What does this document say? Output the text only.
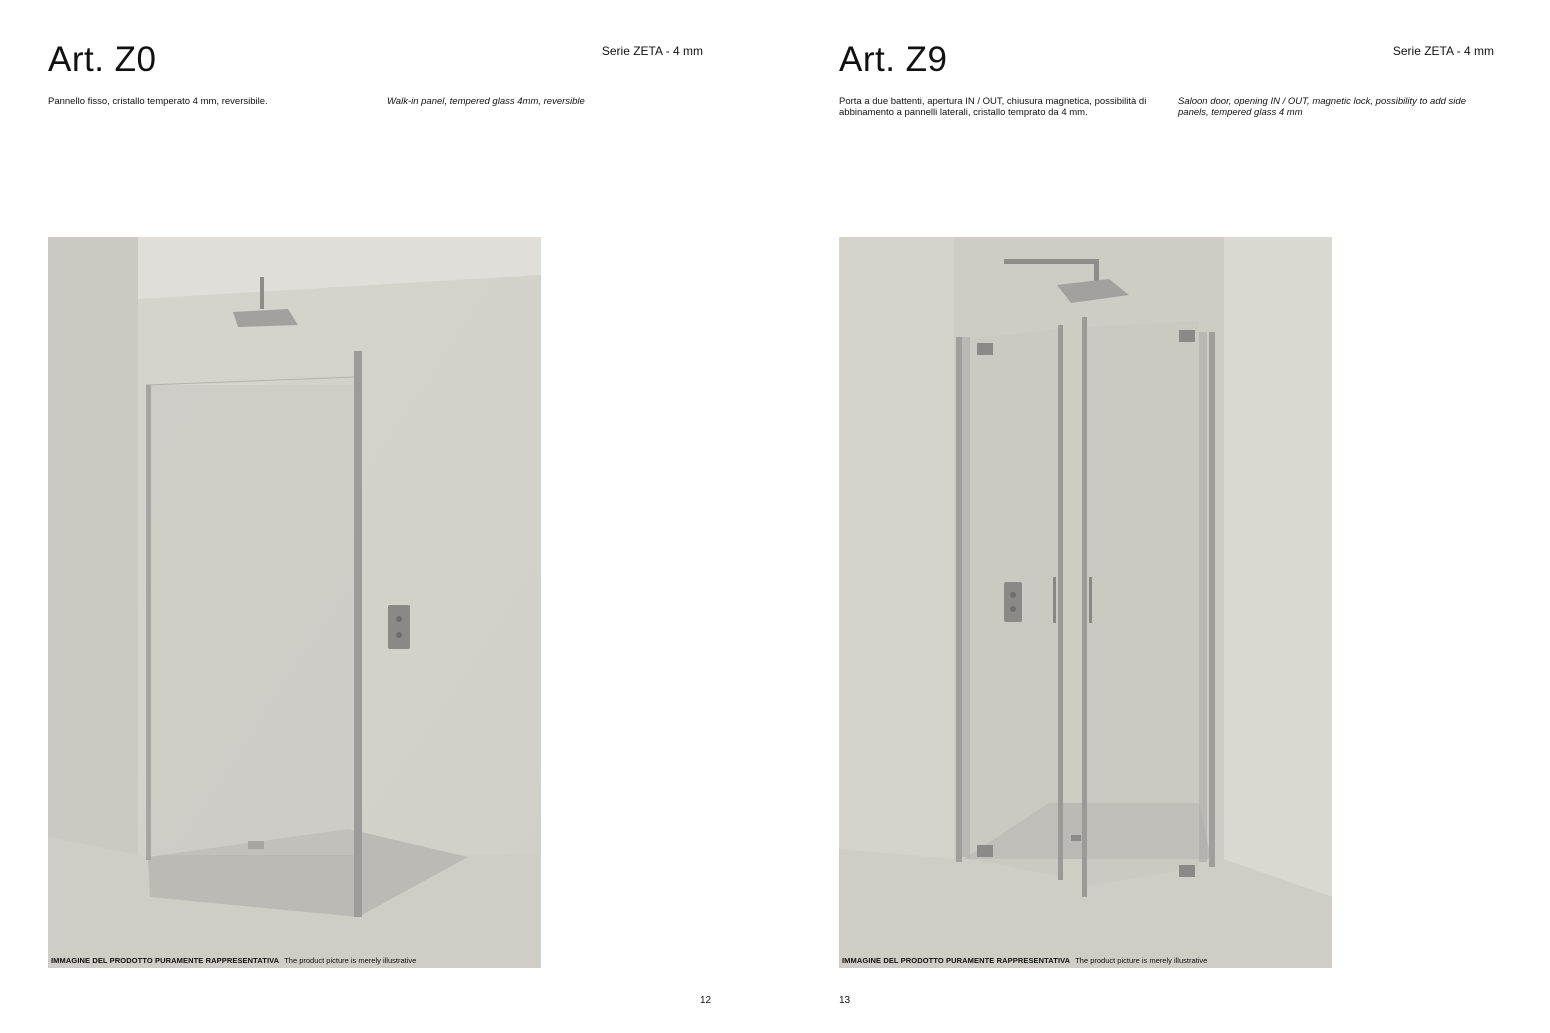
Art. Z0	Serie ZETA - 4 mm
Pannello fisso, cristallo temperato 4 mm, reversibile.	Walk-in panel, tempered glass 4mm, reversible
IMMAGINE DEL PRODOTTO PURAMENTE RAPPRESENTATIVA The product picture is merely illustrative
12
Art. Z9	Serie ZETA - 4 mm
Porta a due battenti, apertura IN / OUT, chiusura magnetica, possibilità di abbinamento a pannelli laterali, cristallo temprato da 4 mm.
Saloon door, opening IN / OUT, magnetic lock, possibility to add side panels, tempered glass 4 mm
IMMAGINE DEL PRODOTTO PURAMENTE RAPPRESENTATIVA The product picture is merely illustrative
13
